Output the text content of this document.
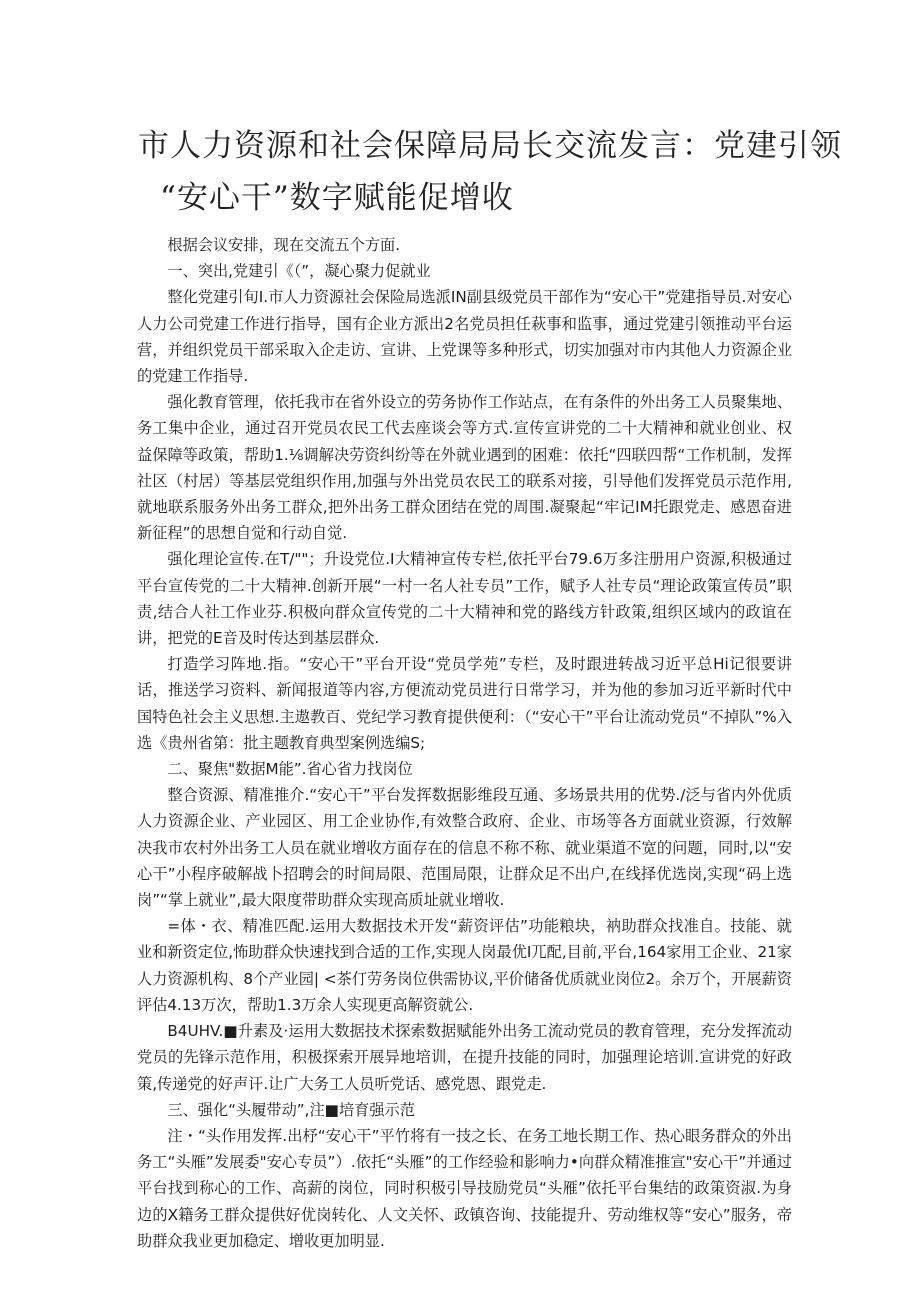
市人力资源和社会保障局局长交流发言：党建引领
“安心干”数字赋能促增收

根据会议安排，现在交流五个方面.

一、突出,党建引《（”，凝心聚力促就业

整化党建引旬I.市人力资源社会保险局选派IN副县级党员干部作为“安心干”党建指导员.对安心人力公司党建工作进行指导，国有企业方派出2名党员担任萩事和监事，通过党建引领推动平台运营，并组织党员干部采取入企走访、宣讲、上党课等多种形式，切实加强对市内其他人力资源企业的党建工作指导.

强化教育管理，依托我市在省外设立的劳务协作工作站点，在有条件的外出务工人员聚集地、务工集中企业，通过召开党员农民工代去座谈会等方式.宣传宣讲党的二十大精神和就业创业、权益保障等政策，帮助1.⅛调解决劳资纠纷等在外就业遇到的困难：依托“四联四帮“工作机制，发挥社区（村居）等基层党组织作用,加强与外出党员农民工的联系对接，引导他们发挥党员示范作用,就地联系服务外出务工群众,把外出务工群众团结在党的周围.凝聚起“牢记IM托跟党走、感恩奋进新征程”的思想自觉和行动自觉.

强化理论宣传.在T/""；升设党位.I大精神宣传专栏,依托平台79.6万多注册用户资源,积极通过平台宣传党的二十大精神.创新开展“一村一名人社专员”工作，赋予人社专员“理论政策宣传员”职责,结合人社工作业芬.积极向群众宣传党的二十大精神和党的路线方针政策,组织区域内的政谊在讲，把党的E音及时传达到基层群众.

打造学习阵地.指。“安心干”平台开设“党员学苑”专栏，及时跟进转战习近平总Hi记很要讲话，推送学习资料、新闻报道等内容,方便流动党员进行日常学习，并为他的参加习近平新时代中国特色社会主义思想.主遨教百、党纪学习教育提供便利：（“安心干”平台让流动党员“不掉队”%入选《贵州省第：批主题教育典型案例选编S;

二、聚焦"数据M能”.省心省力找岗位

整合资源、精准推介.“安心干”平台发挥数据影维段互通、多场景共用的优势./泛与省内外优质人力资源企业、产业园区、用工企业协作,有效整合政府、企业、市场等各方面就业资源，行效解决我市农村外出务工人员在就业增收方面存在的信息不称不称、就业渠道不宽的问题，同时,以“安心干”小程序破解战卜招聘会的时间局限、范围局限，让群众足不出户,在线择优选岗,实现“码上选岗”“掌上就业”,最大限度带助群众实现高质址就业增收.

=体・衣、精准匹配.运用大数据技术开发“薪资评估”功能粮块，衲助群众找准自。技能、就业和新资定位,怖助群众快速找到合适的工作,实现人岗最优I兀配,目前,平台,164家用工企业、21家人力资源机构、8个产业园| <茶仃劳务岗位供需协议,平价储备优质就业岗位2。余万个，开展薪资评估4.13万次，帮助1.3万余人实现更高解资就公.

B4UHV.■升素及·运用大数据技术探索数据赋能外出务工流动党员的教育管理，充分发挥流动党员的先锋示范作用，积极探索开展异地培训，在提升技能的同时，加强理论培训.宣讲党的好政策,传递党的好声讦.让广大务工人员听党话、感党恩、跟党走.

三、强化“头履带动”,注■培育强示范

注・“头作用发挥.出杼“安心干”平竹将有一技之长、在务工地长期工作、热心眼务群众的外出务工“头雁”发展委"安心专员”）.依托“头雁”的工作经验和影响力•向群众精准推宣"安心干”并通过平台找到称心的工作、高薪的岗位，同时积极引导技励党员“头雁”依托平台集结的政策资淑.为身边的X籍务工群众提供好优岗转化、人文关怀、政镇咨询、技能提升、劳动维权等“安心”服务，帝助群众我业更加稳定、增收更加明显.
